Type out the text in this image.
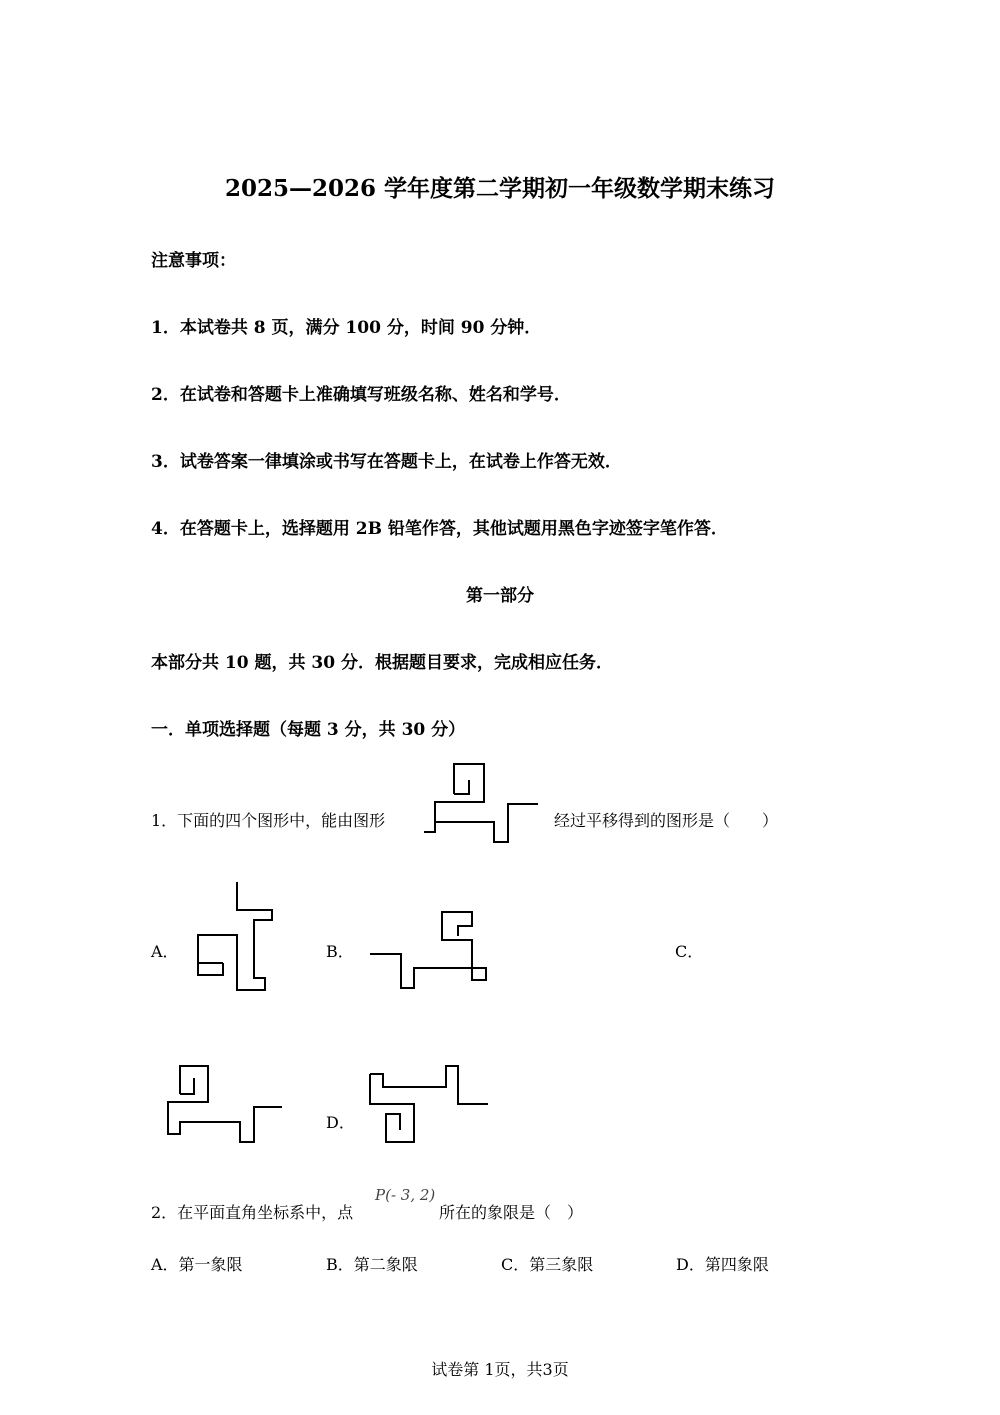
2025—2026 学年度第二学期初一年级数学期末练习
注意事项：
1．本试卷共 8 页，满分 100 分，时间 90 分钟．
2．在试卷和答题卡上准确填写班级名称、姓名和学号．
3．试卷答案一律填涂或书写在答题卡上，在试卷上作答无效．
4．在答题卡上，选择题用 2B 铅笔作答，其他试题用黑色字迹签字笔作答．
第一部分
本部分共 10 题，共 30 分．根据题目要求，完成相应任务．
一．单项选择题（每题 3 分，共 30 分）
1．下面的四个图形中，能由图形	经过平移得到的图形是（　　）
A．	B．	C．
D．
2．在平面直角坐标系中，点
P(- 3, 2)
所在的象限是（　）
A．第一象限	B．第二象限	C．第三象限	D．第四象限
试卷第 1页，共3页
